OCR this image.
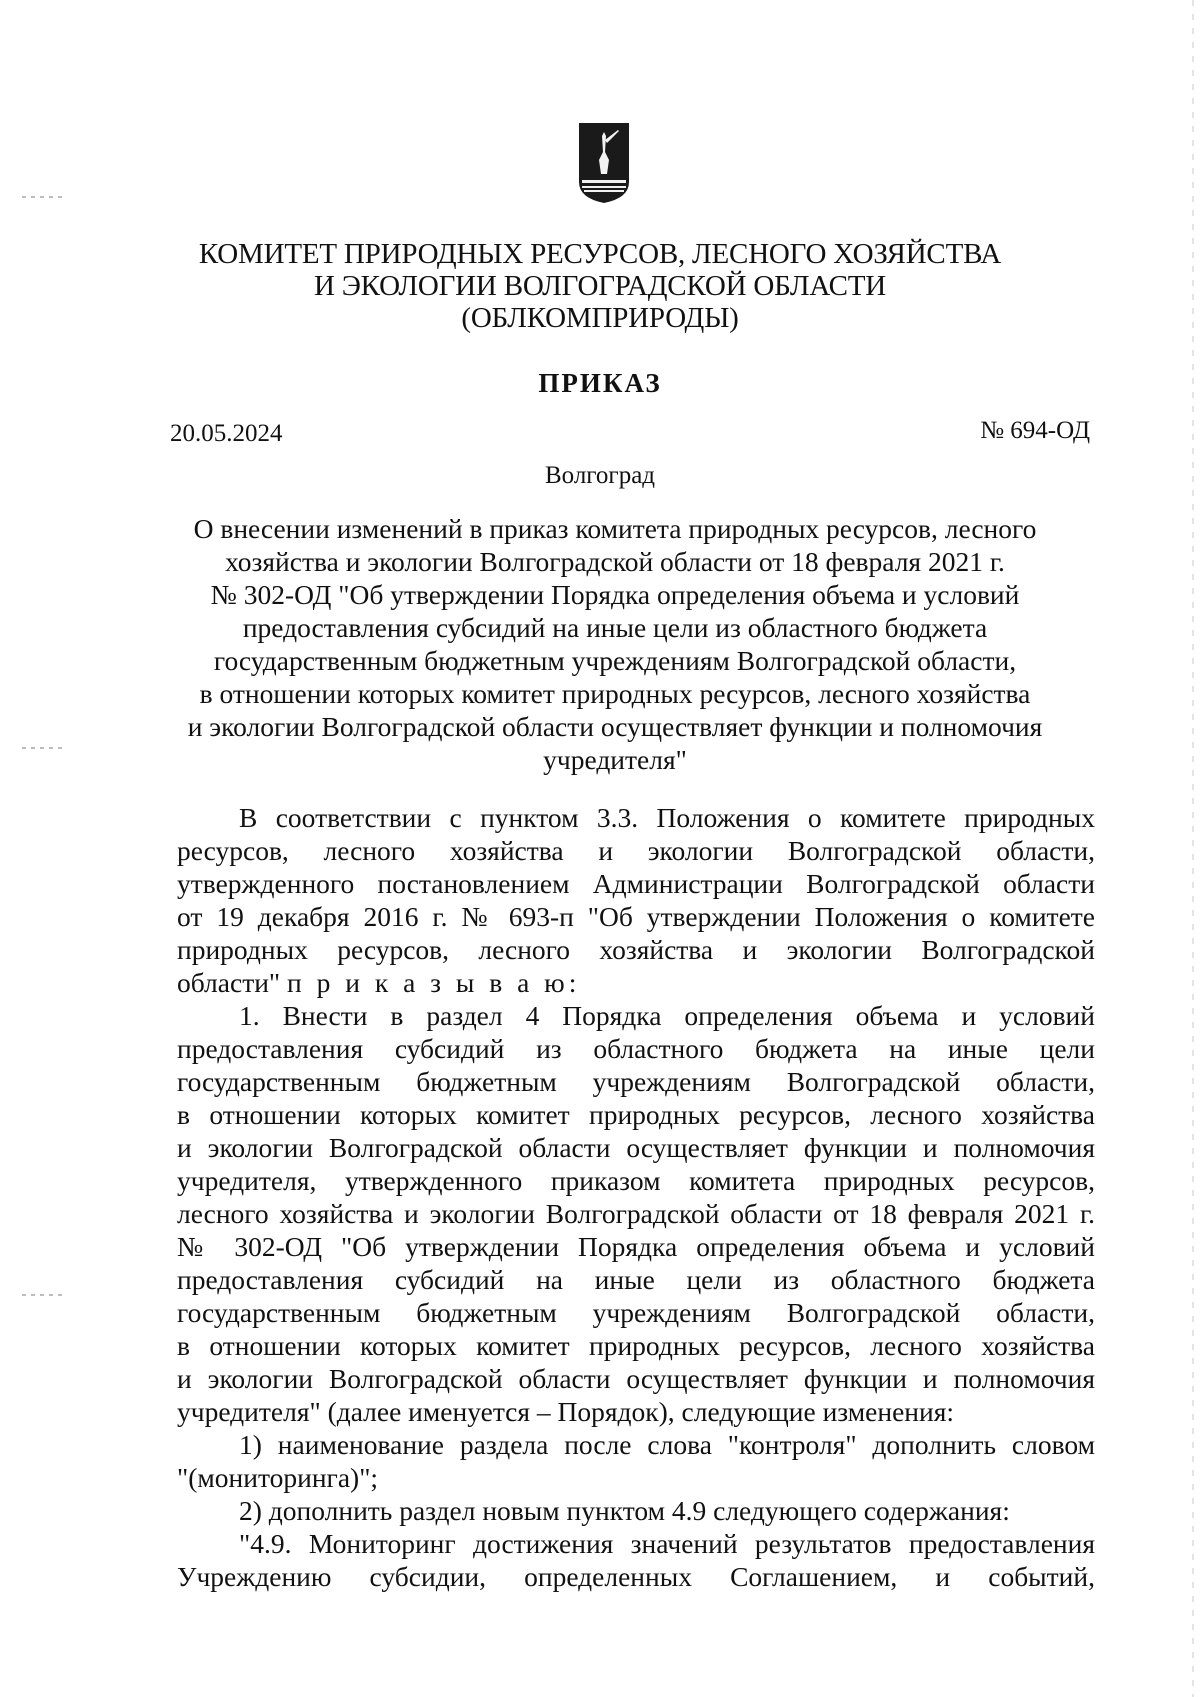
КОМИТЕТ ПРИРОДНЫХ РЕСУРСОВ, ЛЕСНОГО ХОЗЯЙСТВА
И ЭКОЛОГИИ ВОЛГОГРАДСКОЙ ОБЛАСТИ
(ОБЛКОМПРИРОДЫ)
ПРИКАЗ
20.05.2024	№ 694-ОД
Волгоград
О внесении изменений в приказ комитета природных ресурсов, лесного
хозяйства и экологии Волгоградской области от 18 февраля 2021 г.
№ 302-ОД "Об утверждении Порядка определения объема и условий
предоставления субсидий на иные цели из областного бюджета
государственным бюджетным учреждениям Волгоградской области,
в отношении которых комитет природных ресурсов, лесного хозяйства
и экологии Волгоградской области осуществляет функции и полномочия
учредителя"
В соответствии с пунктом 3.3. Положения о комитете природных
ресурсов, лесного хозяйства и экологии Волгоградской области,
утвержденного постановлением Администрации Волгоградской области
от 19 декабря 2016 г. № 693-п "Об утверждении Положения о комитете
природных ресурсов, лесного хозяйства и экологии Волгоградской
области" п р и к а з ы в а ю:
1. Внести в раздел 4 Порядка определения объема и условий
предоставления субсидий из областного бюджета на иные цели
государственным бюджетным учреждениям Волгоградской области,
в отношении которых комитет природных ресурсов, лесного хозяйства
и экологии Волгоградской области осуществляет функции и полномочия
учредителя, утвержденного приказом комитета природных ресурсов,
лесного хозяйства и экологии Волгоградской области от 18 февраля 2021 г.
№ 302-ОД "Об утверждении Порядка определения объема и условий
предоставления субсидий на иные цели из областного бюджета
государственным бюджетным учреждениям Волгоградской области,
в отношении которых комитет природных ресурсов, лесного хозяйства
и экологии Волгоградской области осуществляет функции и полномочия
учредителя" (далее именуется – Порядок), следующие изменения:
1) наименование раздела после слова "контроля" дополнить словом
"(мониторинга)";
2) дополнить раздел новым пунктом 4.9 следующего содержания:
"4.9. Мониторинг достижения значений результатов предоставления
Учреждению субсидии, определенных Соглашением, и событий,
